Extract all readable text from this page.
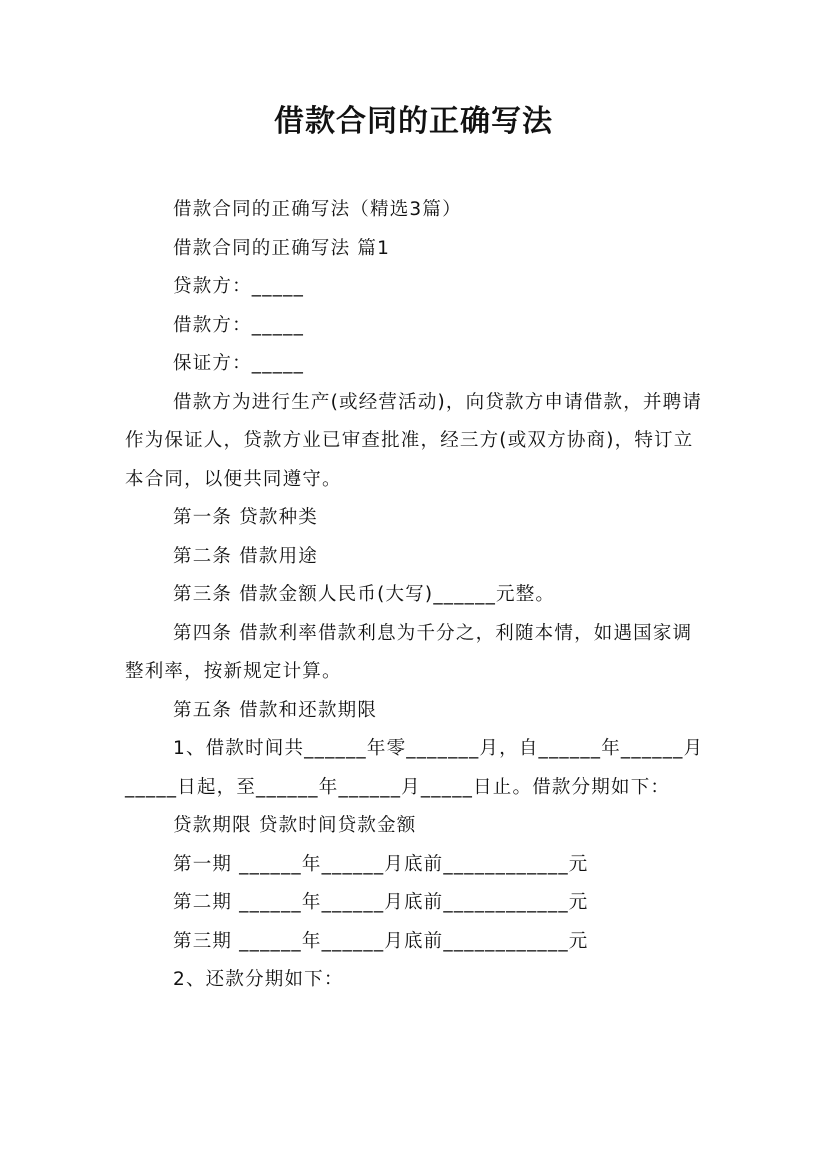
借款合同的正确写法

借款合同的正确写法（精选3篇）

借款合同的正确写法 篇1

贷款方：_____

借款方：_____

保证方：_____

借款方为进行生产(或经营活动)，向贷款方申请借款，并聘请作为保证人，贷款方业已审查批准，经三方(或双方协商)，特订立本合同，以便共同遵守。

第一条 贷款种类

第二条 借款用途

第三条 借款金额人民币(大写)______元整。

第四条 借款利率借款利息为千分之，利随本情，如遇国家调整利率，按新规定计算。

第五条 借款和还款期限

1、借款时间共______年零_______月，自______年______月_____日起，至______年______月_____日止。借款分期如下：

贷款期限 贷款时间贷款金额

第一期 ______年______月底前____________元

第二期 ______年______月底前____________元

第三期 ______年______月底前____________元

2、还款分期如下：
